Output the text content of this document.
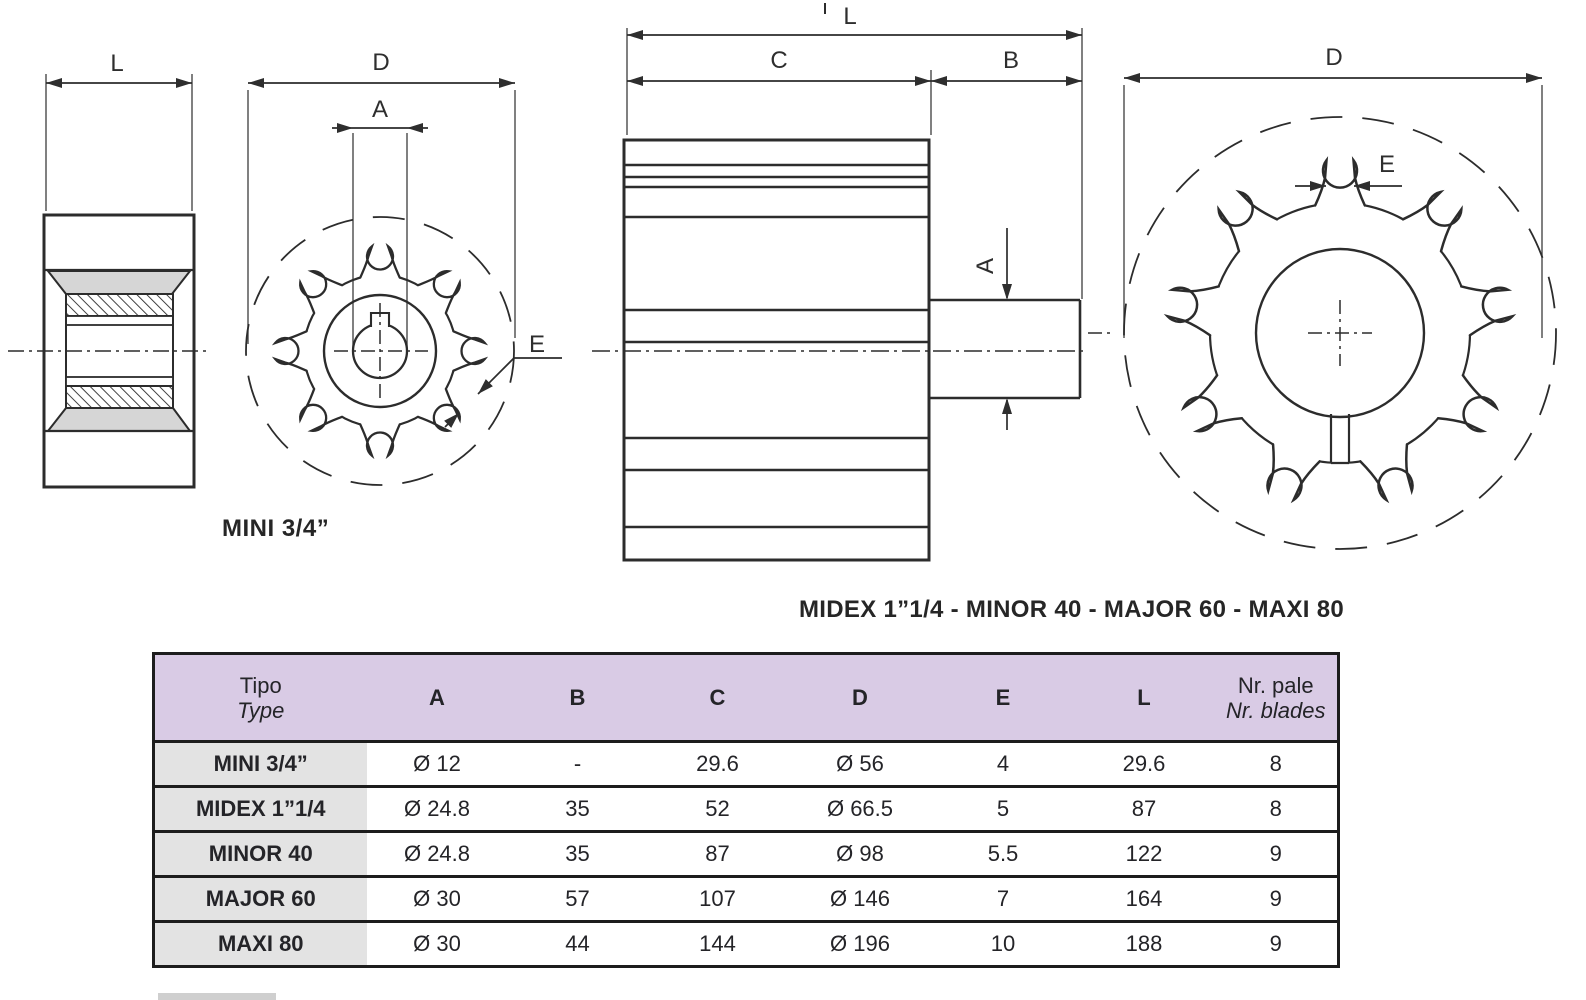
L	D
A
E
L
C	B
A
D
E
MINI 3/4”
MIDEX 1”1/4 - MINOR 40 - MAJOR 60 - MAXI 80
Tipo
Type
	A	B	C	D	E	L	Nr. pale
Nr. blades

MINI 3/4”	Ø 12	-	29.6	Ø 56	4	29.6	8
MIDEX 1”1/4	Ø 24.8	35	52	Ø 66.5	5	87	8
MINOR 40	Ø 24.8	35	87	Ø 98	5.5	122	9
MAJOR 60	Ø 30	57	107	Ø 146	7	164	9
MAXI 80	Ø 30	44	144	Ø 196	10	188	9
